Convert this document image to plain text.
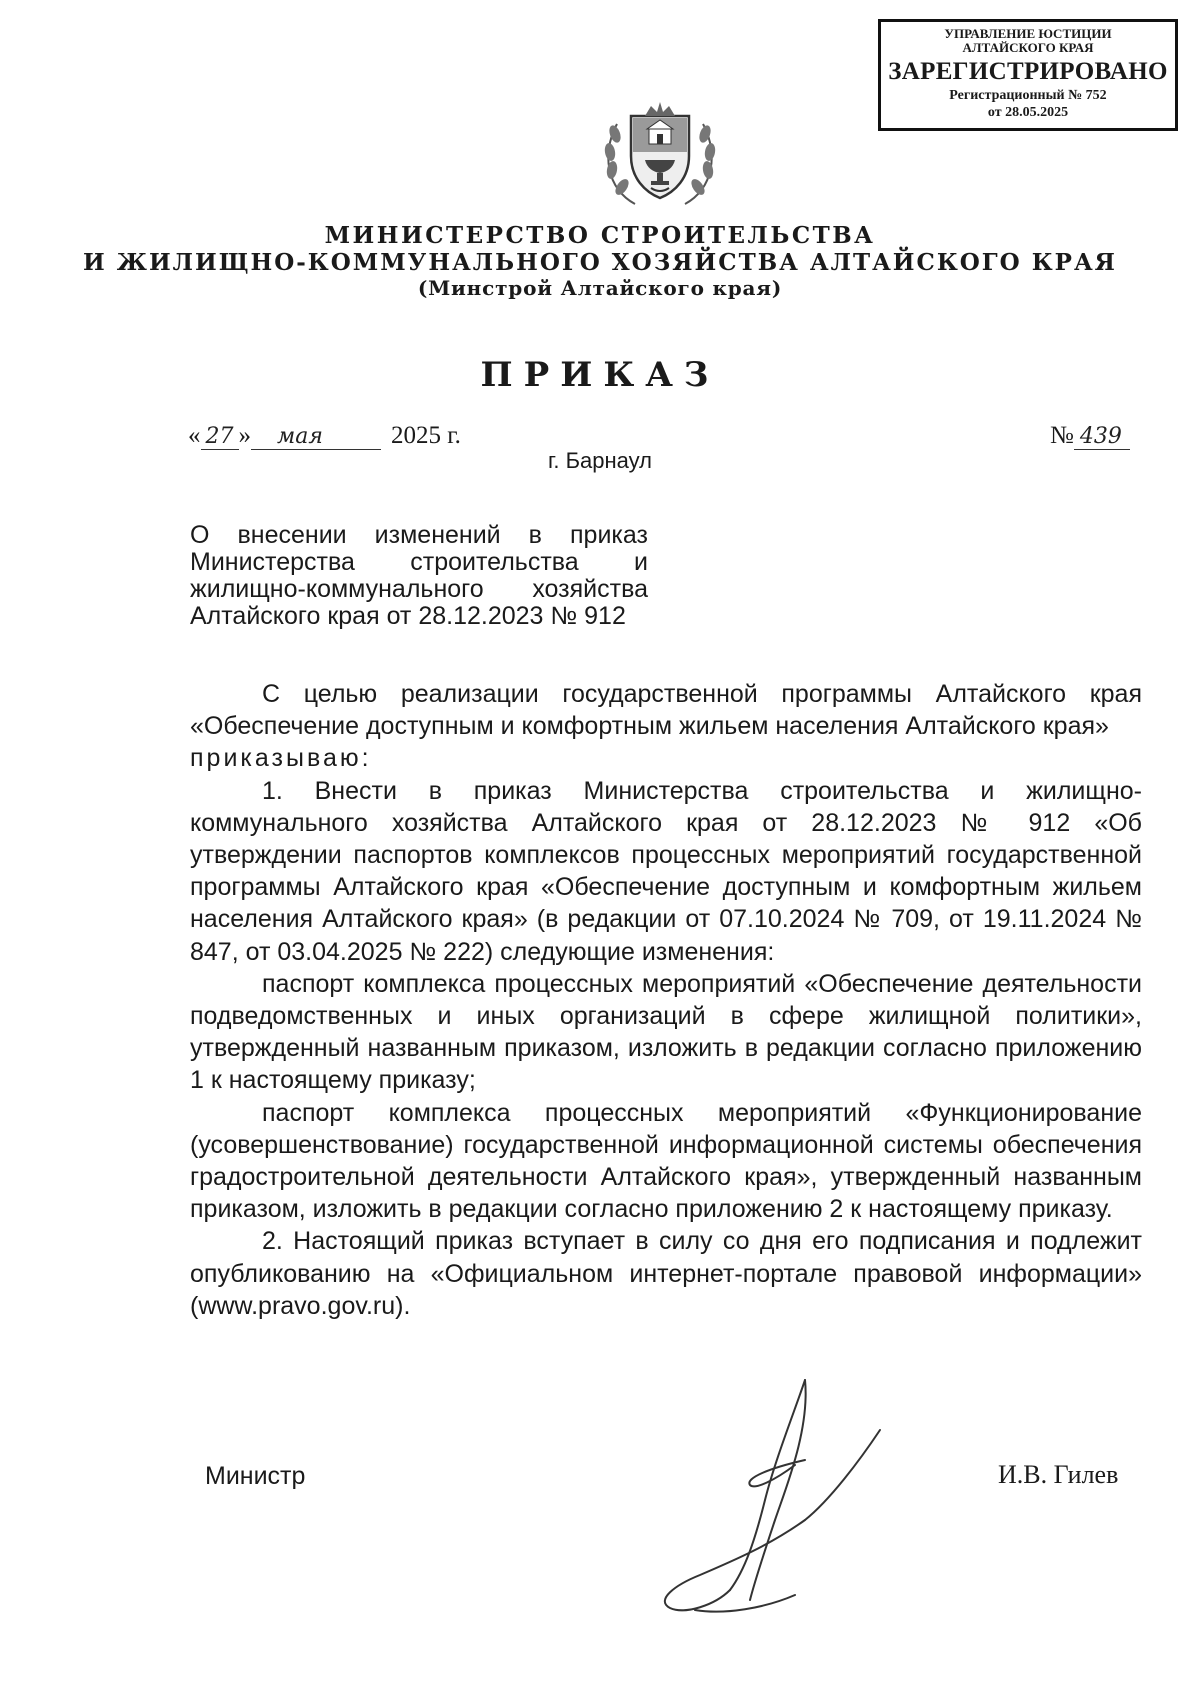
УПРАВЛЕНИЕ ЮСТИЦИИ АЛТАЙСКОГО КРАЯ
ЗАРЕГИСТРИРОВАНО
Регистрационный № 752
от 28.05.2025
МИНИСТЕРСТВО СТРОИТЕЛЬСТВА
И ЖИЛИЩНО-КОММУНАЛЬНОГО ХОЗЯЙСТВА АЛТАЙСКОГО КРАЯ
(Минстрой Алтайского края)
ПРИКАЗ
« 27 » мая	2025 г.	№ 439
г. Барнаул
О внесении изменений в приказ Министерства строительства и жилищно-коммунального хозяйства Алтайского края от 28.12.2023 № 912

С целью реализации государственной программы Алтайского края «Обеспечение доступным и комфортным жильем населения Алтайского края»

приказываю:

1. Внести в приказ Министерства строительства и жилищно-коммунального хозяйства Алтайского края от 28.12.2023 № 912 «Об утверждении паспортов комплексов процессных мероприятий государственной программы Алтайского края «Обеспечение доступным и комфортным жильем населения Алтайского края» (в редакции от 07.10.2024 № 709, от 19.11.2024 № 847, от 03.04.2025 № 222) следующие изменения:

паспорт комплекса процессных мероприятий «Обеспечение деятельности подведомственных и иных организаций в сфере жилищной политики», утвержденный названным приказом, изложить в редакции согласно приложению 1 к настоящему приказу;

паспорт комплекса процессных мероприятий «Функционирование (усовершенствование) государственной информационной системы обеспечения градостроительной деятельности Алтайского края», утвержденный названным приказом, изложить в редакции согласно приложению 2 к настоящему приказу.

2. Настоящий приказ вступает в силу со дня его подписания и подлежит опубликованию на «Официальном интернет-портале правовой информации» (www.pravo.gov.ru).

Министр	И.В. Гилев
